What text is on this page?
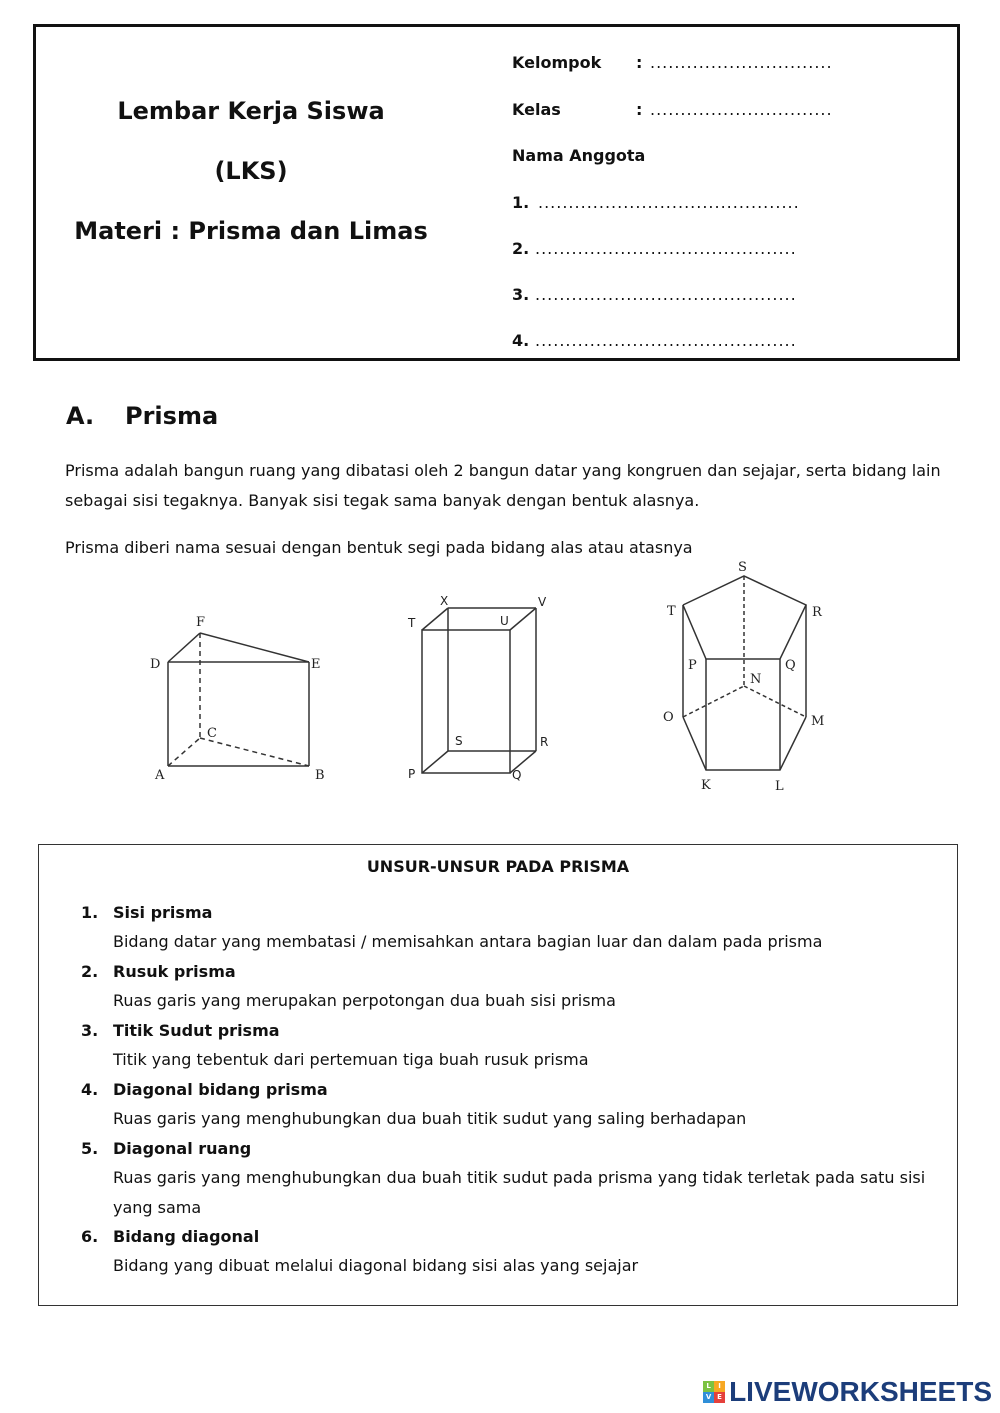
Lembar Kerja Siswa
(LKS)
Materi : Prisma dan Limas
Kelompok : ..............................
Kelas	: ..............................
Nama Anggota
1. ...........................................
2. ...........................................
3. ...........................................
4. ...........................................
A. Prisma
Prisma adalah bangun ruang yang dibatasi oleh 2 bangun datar yang kongruen dan sejajar, serta bidang lain
sebagai sisi tegaknya. Banyak sisi tegak sama banyak dengan bentuk alasnya.
Prisma diberi nama sesuai dengan bentuk segi pada bidang alas atau atasnya
D
F
E
C
A	B
X	V
T	U
S	R
P	Q
S
T	R
P	Q
N
O	M
K	L
UNSUR-UNSUR PADA PRISMA
1. Sisi prisma
Bidang datar yang membatasi / memisahkan antara bagian luar dan dalam pada prisma
2. Rusuk prisma
Ruas garis yang merupakan perpotongan dua buah sisi prisma
3. Titik Sudut prisma
Titik yang tebentuk dari pertemuan tiga buah rusuk prisma
4. Diagonal bidang prisma
Ruas garis yang menghubungkan dua buah titik sudut yang saling berhadapan
5. Diagonal ruang
Ruas garis yang menghubungkan dua buah titik sudut pada prisma yang tidak terletak pada satu sisi yang sama
6. Bidang diagonal
Bidang yang dibuat melalui diagonal bidang sisi alas yang sejajar
L	I
V E LIVEWORKSHEETS
